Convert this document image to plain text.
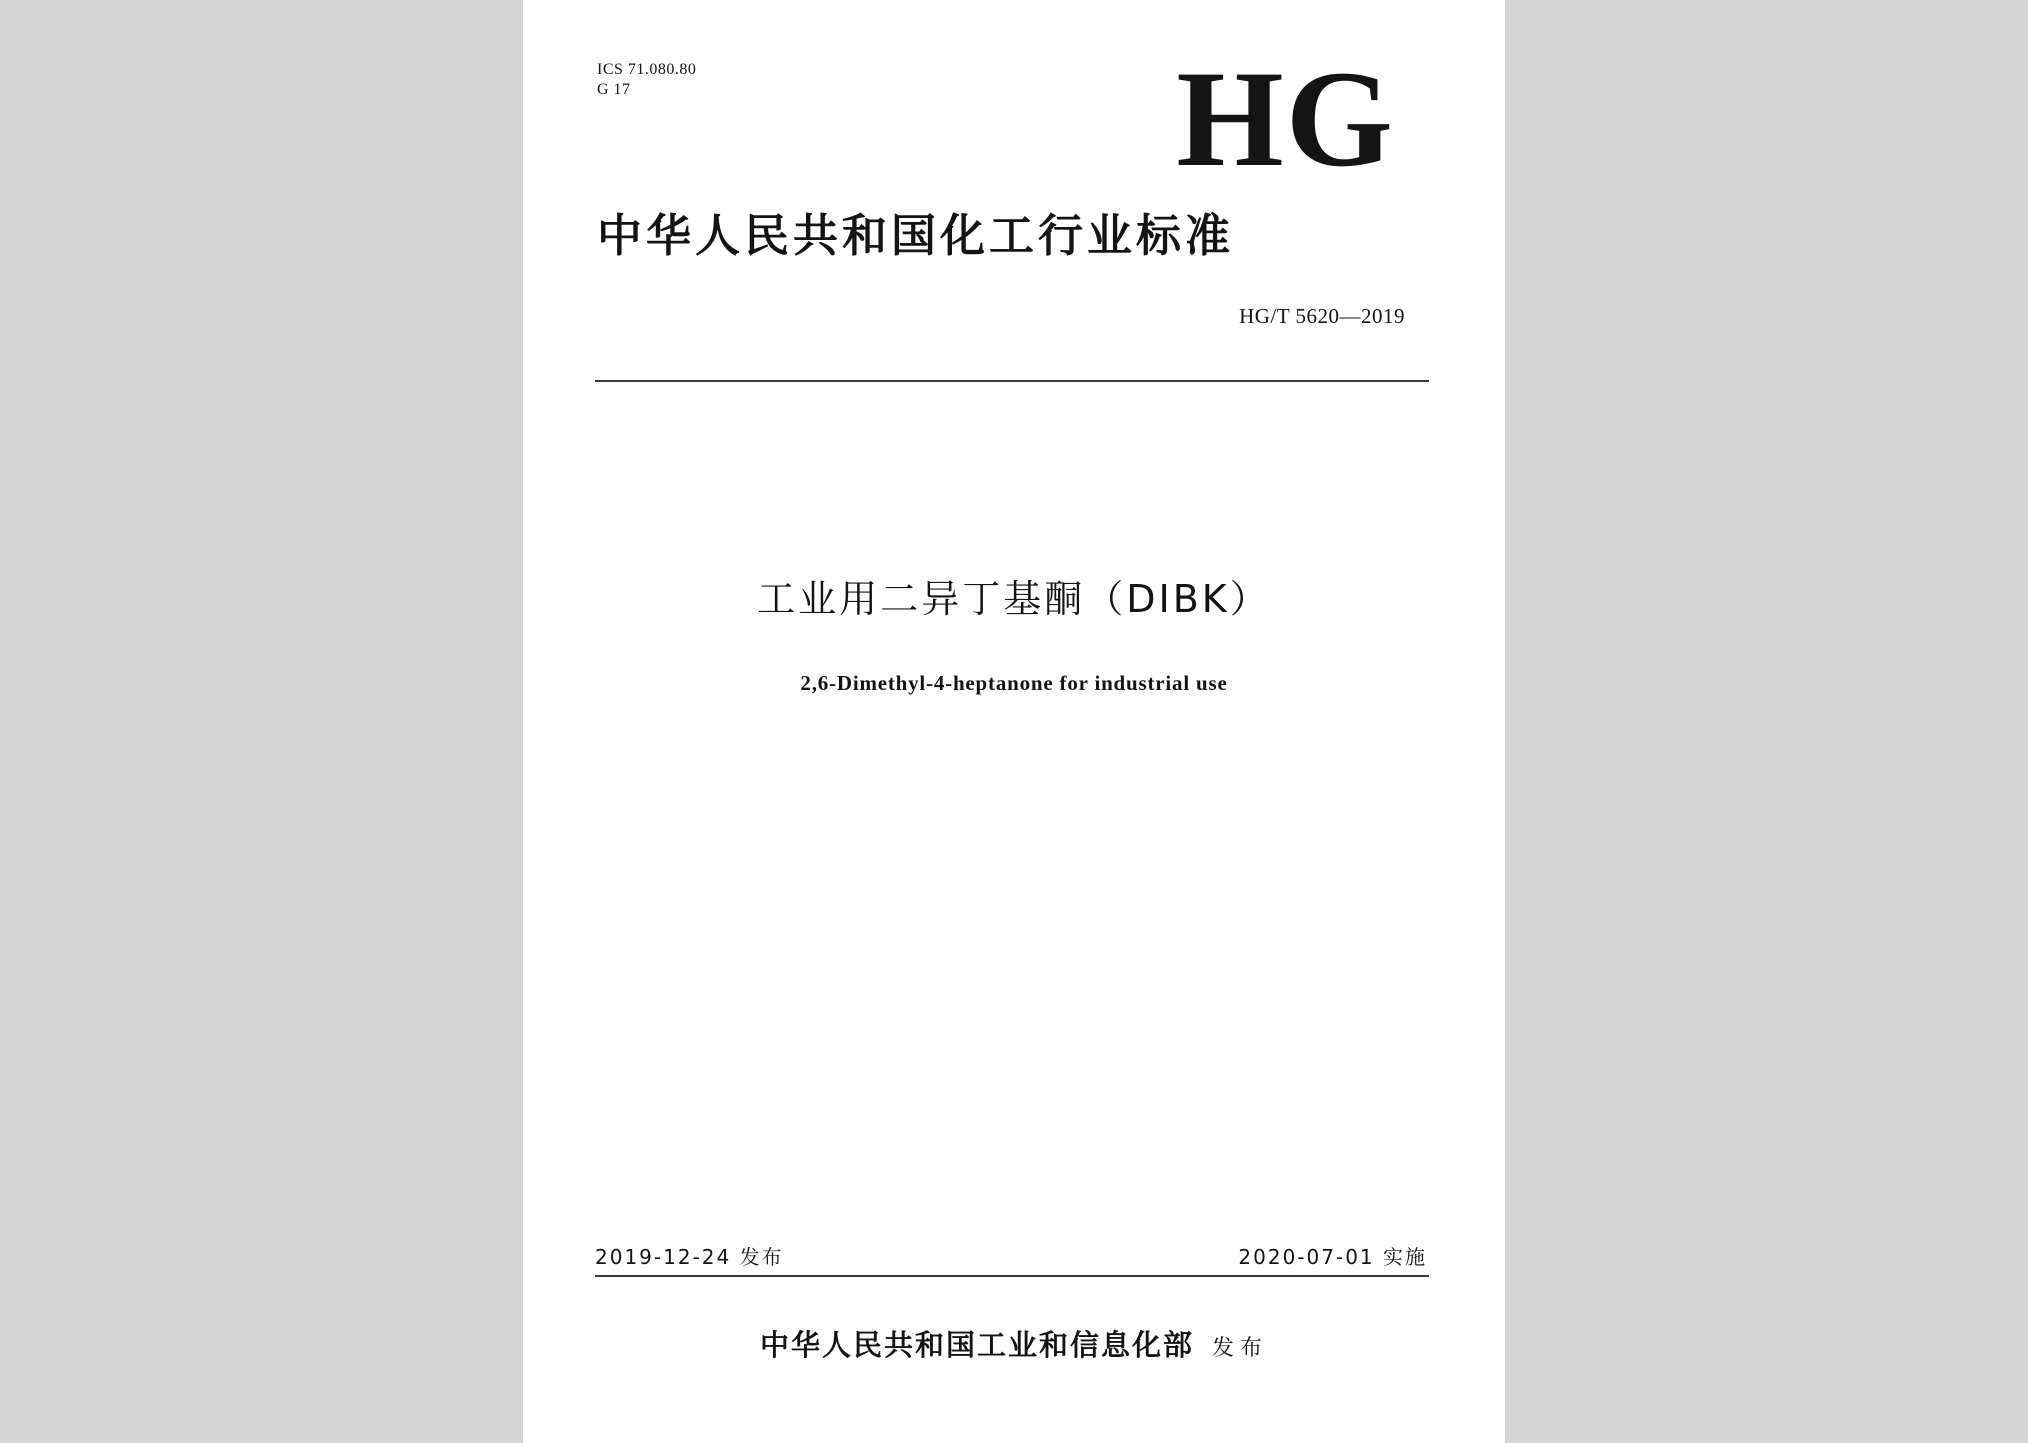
ICS 71.080.80
G 17	HG
中华人民共和国化工行业标准
HG/T 5620—2019
工业用二异丁基酮（DIBK）
2,6-Dimethyl-4-heptanone for industrial use
2019-12-24 发布	2020-07-01 实施
中华人民共和国工业和信息化部 发布
